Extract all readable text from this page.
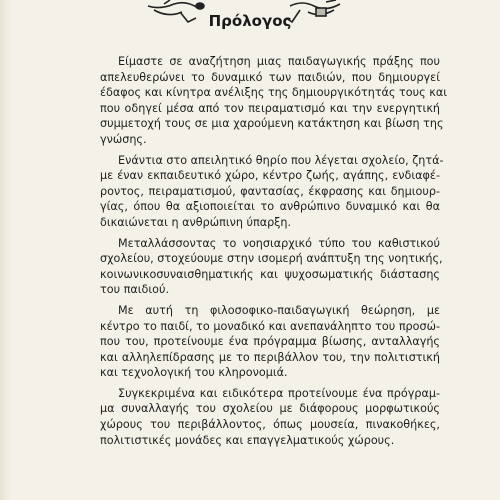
Πρόλογος
Είμαστε σε αναζήτηση μιας παιδαγωγικής πράξης που
απελευθερώνει το δυναμικό των παιδιών, που δημιουργεί
έδαφος και κίνητρα ανέλιξης της δημιουργικότητάς τους και
που οδηγεί μέσα από τον πειραματισμό και την ενεργητική
συμμετοχή τους σε μια χαρούμενη κατάκτηση και βίωση της
γνώσης.
Ενάντια στο απειλητικό θηρίο που λέγεται σχολείο, ζητά-
με έναν εκπαιδευτικό χώρο, κέντρο ζωής, αγάπης, ενδιαφέ-
ροντος, πειραματισμού, φαντασίας, έκφρασης και δημιουρ-
γίας, όπου θα αξιοποιείται το ανθρώπινο δυναμικό και θα
δικαιώνεται η ανθρώπινη ύπαρξη.
Μεταλλάσσοντας το νοησιαρχικό τύπο του καθιστικού
σχολείου, στοχεύουμε στην ισομερή ανάπτυξη της νοητικής,
κοινωνικοσυναισθηματικής και ψυχοσωματικής διάστασης
του παιδιού.
Με αυτή τη φιλοσοφικο-παιδαγωγική θεώρηση, με
κέντρο το παιδί, το μοναδικό και ανεπανάληπτο του προσώ-
που του, προτείνουμε ένα πρόγραμμα βίωσης, ανταλλαγής
και αλληλεπίδρασης με το περιβάλλον του, την πολιτιστική
και τεχνολογική του κληρονομιά.
Συγκεκριμένα και ειδικότερα προτείνουμε ένα πρόγραμ-
μα συναλλαγής του σχολείου με διάφορους μορφωτικούς
χώρους του περιβάλλοντος, όπως μουσεία, πινακοθήκες,
πολιτιστικές μονάδες και επαγγελματικούς χώρους.
